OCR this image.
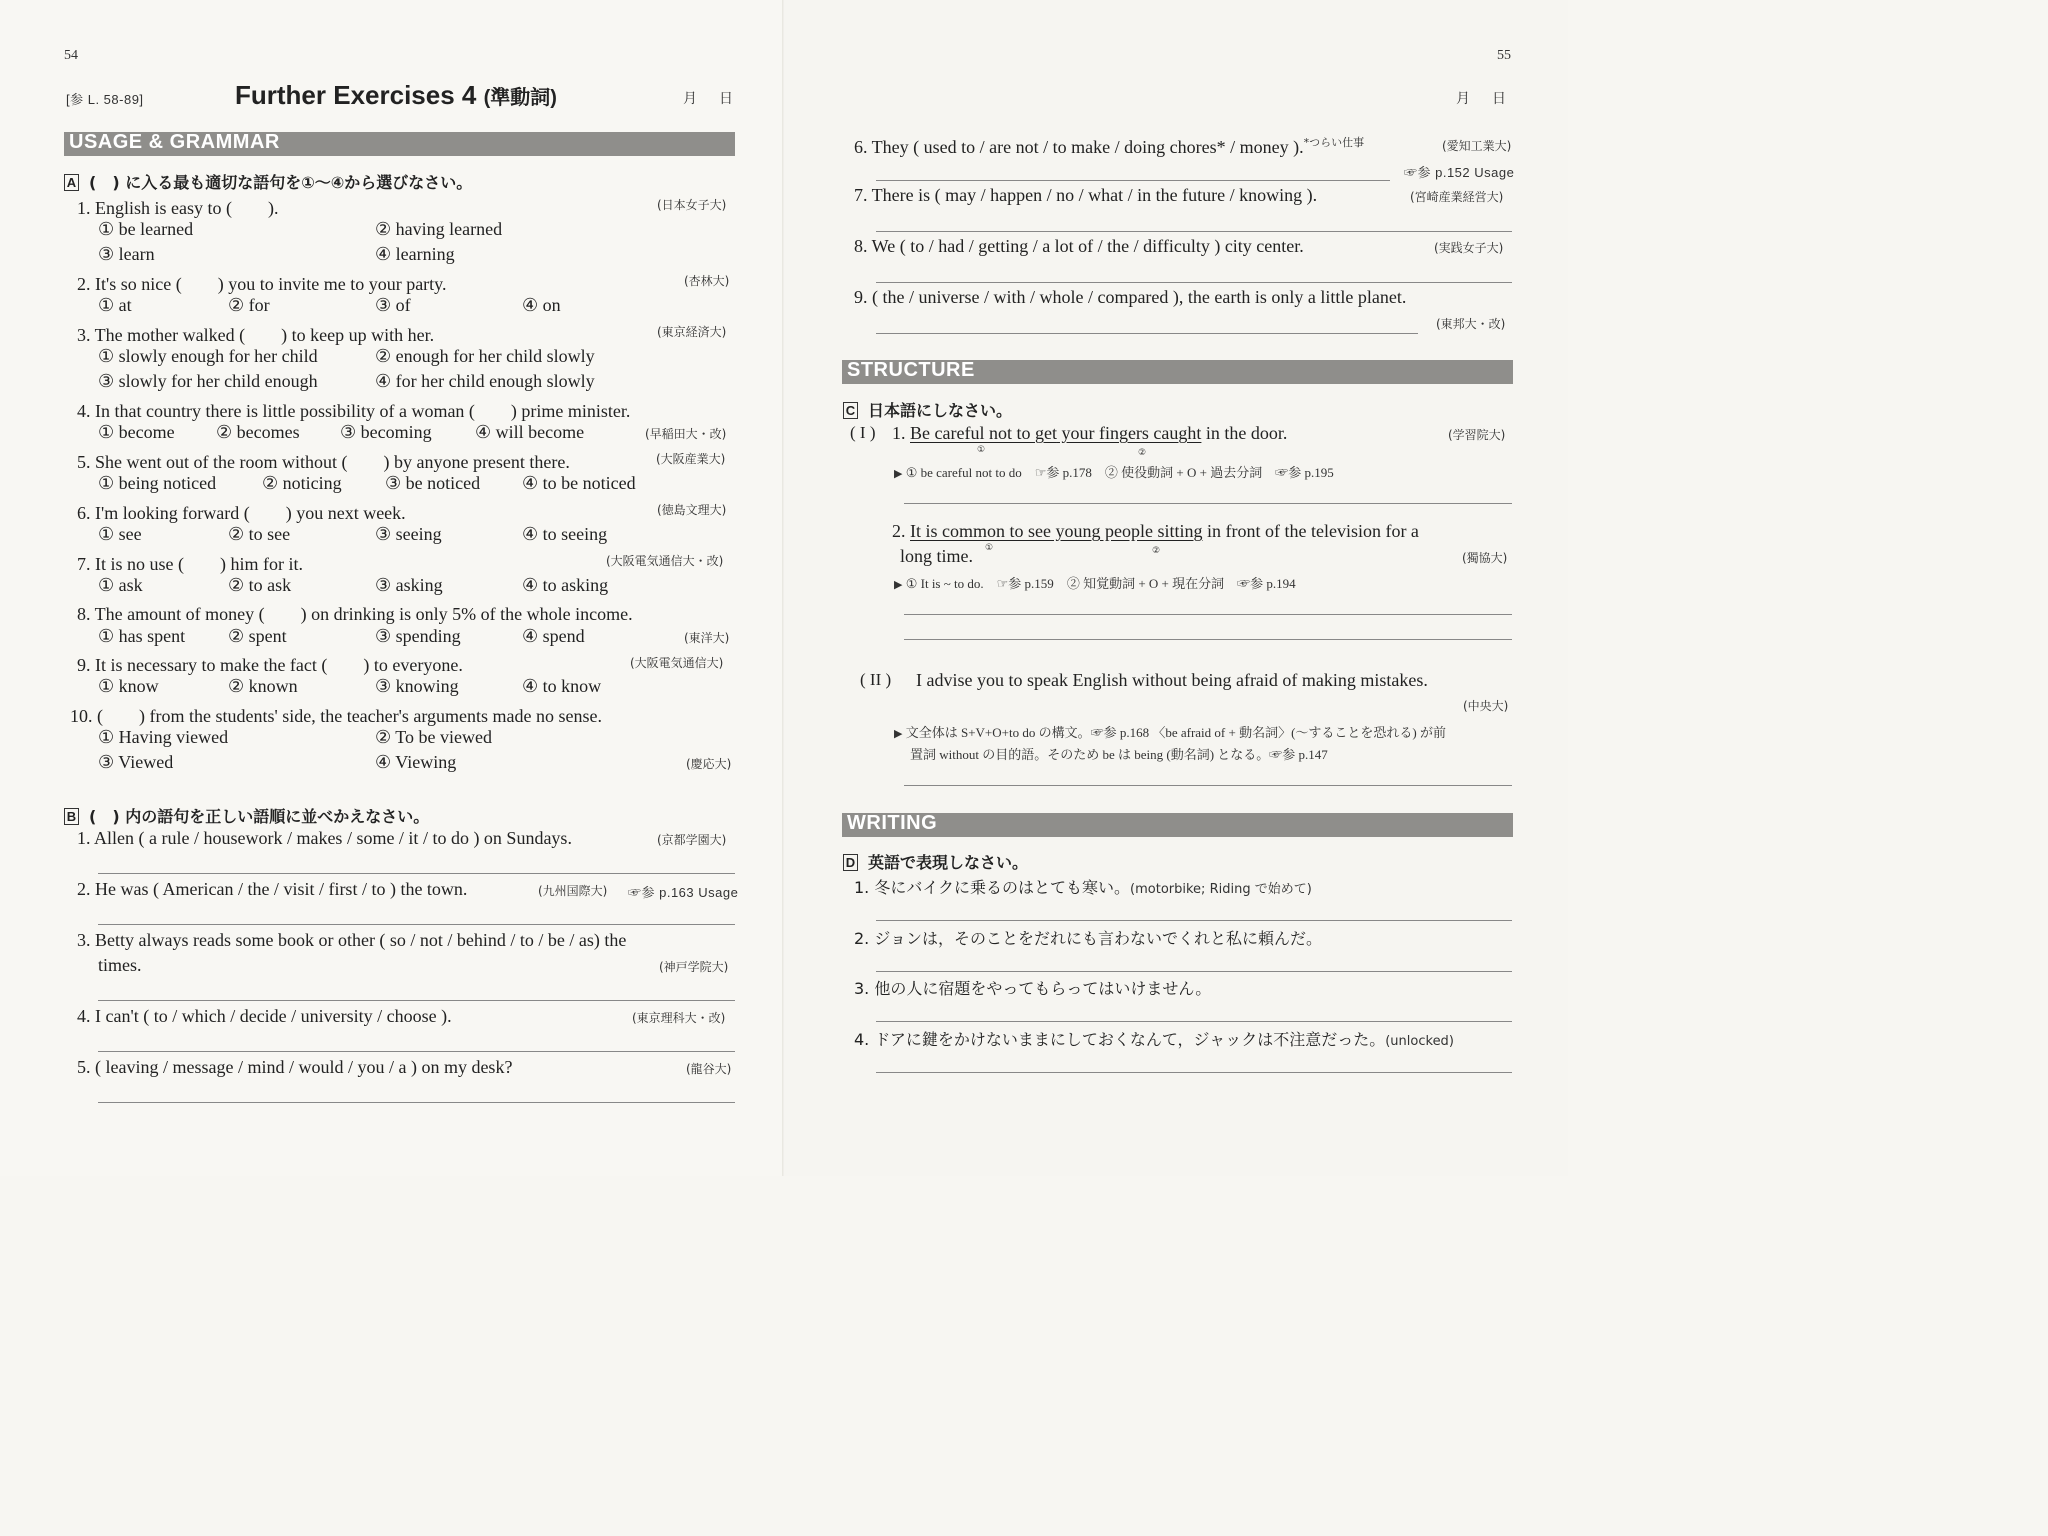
54
[参 L. 58-89]	Further Exercises 4 (準動詞)	月　日
USAGE & GRAMMAR
A (　) に入る最も適切な語句を①〜④から選びなさい。
1. English is easy to (　　).	(日本女子大)
① be learned	② having learned
③ learn	④ learning
2. It's so nice (　　) you to invite me to your party.	(杏林大)
① at	② for	③ of	④ on
3. The mother walked (　　) to keep up with her.	(東京経済大)
① slowly enough for her child	② enough for her child slowly
③ slowly for her child enough	④ for her child enough slowly
4. In that country there is little possibility of a woman (　　) prime minister.
① become ② becomes ③ becoming ④ will become	(早稲田大・改)
5. She went out of the room without (　　) by anyone present there.	(大阪産業大)
① being noticed	② noticing ③ be noticed ④ to be noticed
6. I'm looking forward (　　) you next week.	(徳島文理大)
① see	② to see	③ seeing	④ to seeing
7. It is no use (　　) him for it.	(大阪電気通信大・改)
① ask	② to ask	③ asking	④ to asking
8. The amount of money (　　) on drinking is only 5% of the whole income.
① has spent ② spent	③ spending	④ spend	(東洋大)
9. It is necessary to make the fact (　　) to everyone.	(大阪電気通信大)
① know	② known	③ knowing	④ to know
10. (　　) from the students' side, the teacher's arguments made no sense.
① Having viewed	② To be viewed
③ Viewed	④ Viewing	(慶応大)
B (　) 内の語句を正しい語順に並べかえなさい。
1. Allen ( a rule / housework / makes / some / it / to do ) on Sundays.	(京都学園大)
2. He was ( American / the / visit / first / to ) the town.	(九州国際大) ☞参 p.163 Usage
3. Betty always reads some book or other ( so / not / behind / to / be / as) the
times.	(神戸学院大)
4. I can't ( to / which / decide / university / choose ).	(東京理科大・改)
5. ( leaving / message / mind / would / you / a ) on my desk?	(龍谷大)
55
月　日
6. They ( used to / are not / to make / doing chores* / money ).$^{*つらい仕事}$	(愛知工業大)
☞参 p.152 Usage
7. There is ( may / happen / no / what / in the future / knowing ).	(宮崎産業経営大)
8. We ( to / had / getting / a lot of / the / difficulty ) city center.	(実践女子大)
9. ( the / universe / with / whole / compared ), the earth is only a little planet.
(東邦大・改)
STRUCTURE
C 日本語にしなさい。
( I ) 1. Be careful not to get your fingers caught in the door.
①	②
(学習院大)
▶ ① be careful not to do　 ☞参 p.178　 ② 使役動詞 + O + 過去分詞　 ☞参 p.195
2. It is common to see young people sitting in front of the television for a
long time. ①	②	(獨協大)
▶ ① It is ~ to do.　 ☞参 p.159　 ② 知覚動詞 + O + 現在分詞　 ☞参 p.194
( II ) I advise you to speak English without being afraid of making mistakes.
(中央大)
▶ 文全体は S+V+O+to do の構文。☞参 p.168 〈be afraid of + 動名詞〉(〜することを恐れる) が前
置詞 without の目的語。そのため be は being (動名詞) となる。☞参 p.147
WRITING
D 英語で表現しなさい。
1. 冬にバイクに乗るのはとても寒い。(motorbike; Riding で始めて)
2. ジョンは，そのことをだれにも言わないでくれと私に頼んだ。
3. 他の人に宿題をやってもらってはいけません。
4. ドアに鍵をかけないままにしておくなんて，ジャックは不注意だった。(unlocked)
